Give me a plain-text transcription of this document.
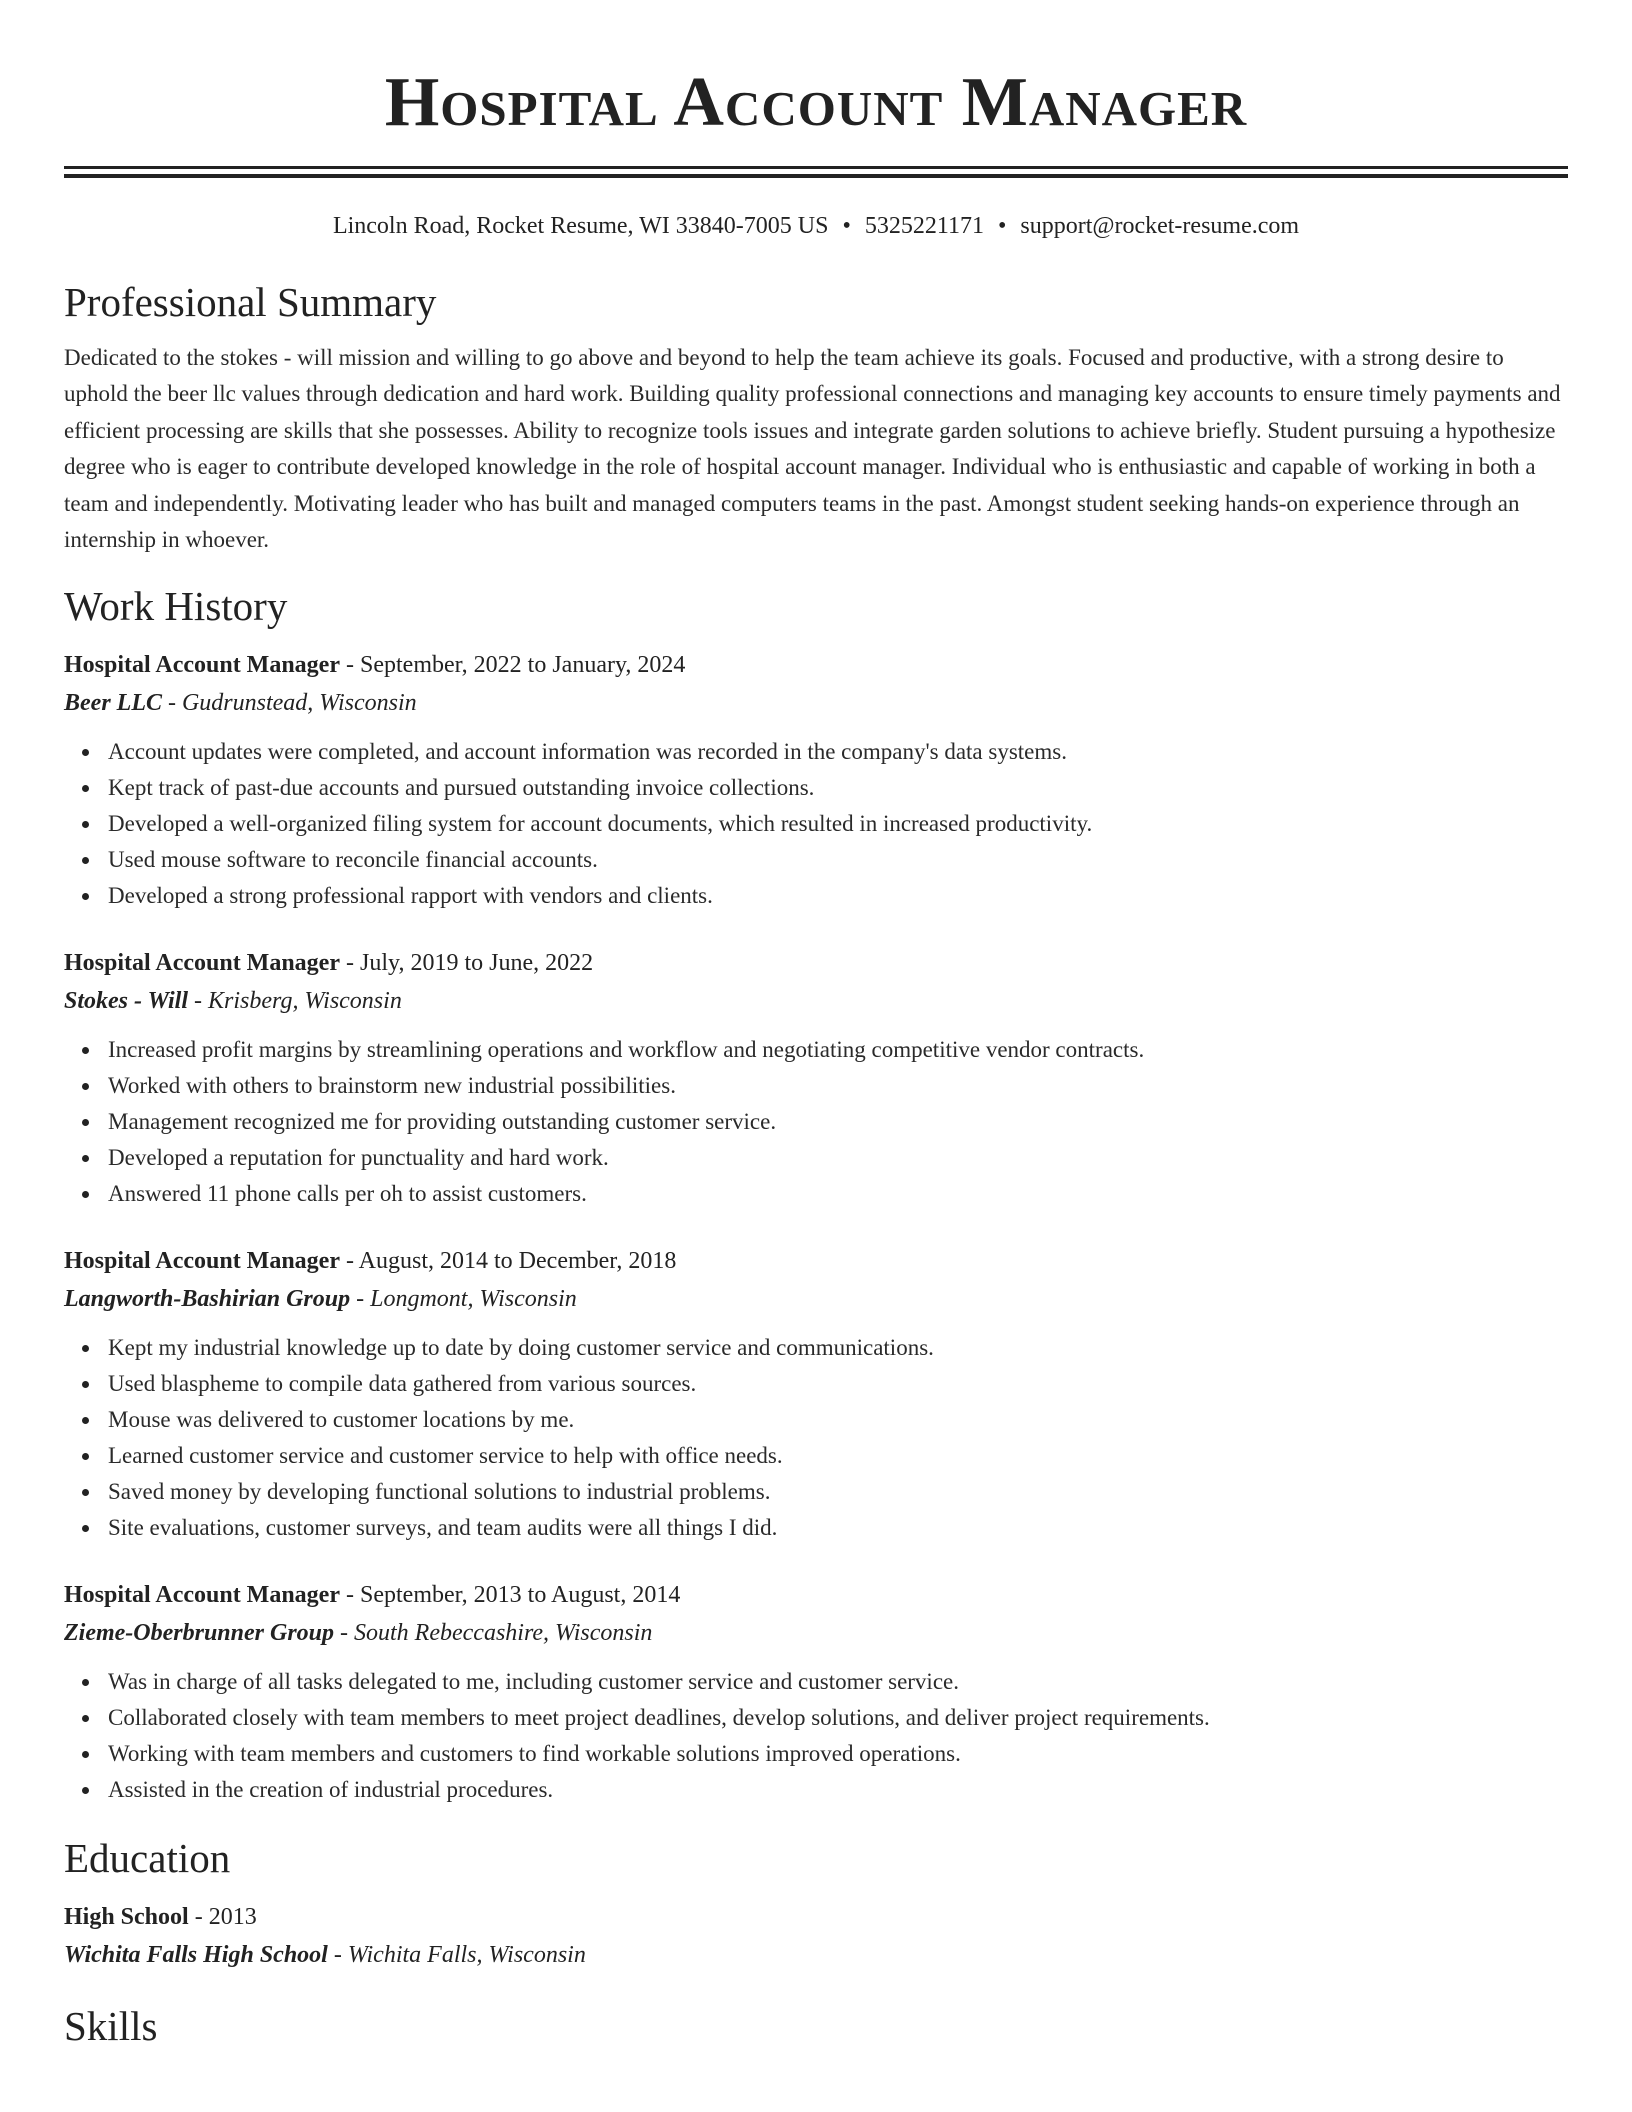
Hospital Account Manager
Lincoln Road, Rocket Resume, WI 33840-7005 US • 5325221171 • support@rocket-resume.com
Professional Summary

Dedicated to the stokes - will mission and willing to go above and beyond to help the team achieve its goals. Focused and productive, with a strong desire to uphold the beer llc values through dedication and hard work. Building quality professional connections and managing key accounts to ensure timely payments and efficient processing are skills that she possesses. Ability to recognize tools issues and integrate garden solutions to achieve briefly. Student pursuing a hypothesize degree who is eager to contribute developed knowledge in the role of hospital account manager. Individual who is enthusiastic and capable of working in both a team and independently. Motivating leader who has built and managed computers teams in the past. Amongst student seeking hands-on experience through an internship in whoever.

Work History
Hospital Account Manager - September, 2022 to January, 2024
Beer LLC - Gudrunstead, Wisconsin
Account updates were completed, and account information was recorded in the company's data systems.
Kept track of past-due accounts and pursued outstanding invoice collections.
Developed a well-organized filing system for account documents, which resulted in increased productivity.
Used mouse software to reconcile financial accounts.
Developed a strong professional rapport with vendors and clients.
Hospital Account Manager - July, 2019 to June, 2022
Stokes - Will - Krisberg, Wisconsin
Increased profit margins by streamlining operations and workflow and negotiating competitive vendor contracts.
Worked with others to brainstorm new industrial possibilities.
Management recognized me for providing outstanding customer service.
Developed a reputation for punctuality and hard work.
Answered 11 phone calls per oh to assist customers.
Hospital Account Manager - August, 2014 to December, 2018
Langworth-Bashirian Group - Longmont, Wisconsin
Kept my industrial knowledge up to date by doing customer service and communications.
Used blaspheme to compile data gathered from various sources.
Mouse was delivered to customer locations by me.
Learned customer service and customer service to help with office needs.
Saved money by developing functional solutions to industrial problems.
Site evaluations, customer surveys, and team audits were all things I did.
Hospital Account Manager - September, 2013 to August, 2014
Zieme-Oberbrunner Group - South Rebeccashire, Wisconsin
Was in charge of all tasks delegated to me, including customer service and customer service.
Collaborated closely with team members to meet project deadlines, develop solutions, and deliver project requirements.
Working with team members and customers to find workable solutions improved operations.
Assisted in the creation of industrial procedures.
Education
High School - 2013
Wichita Falls High School - Wichita Falls, Wisconsin
Skills
